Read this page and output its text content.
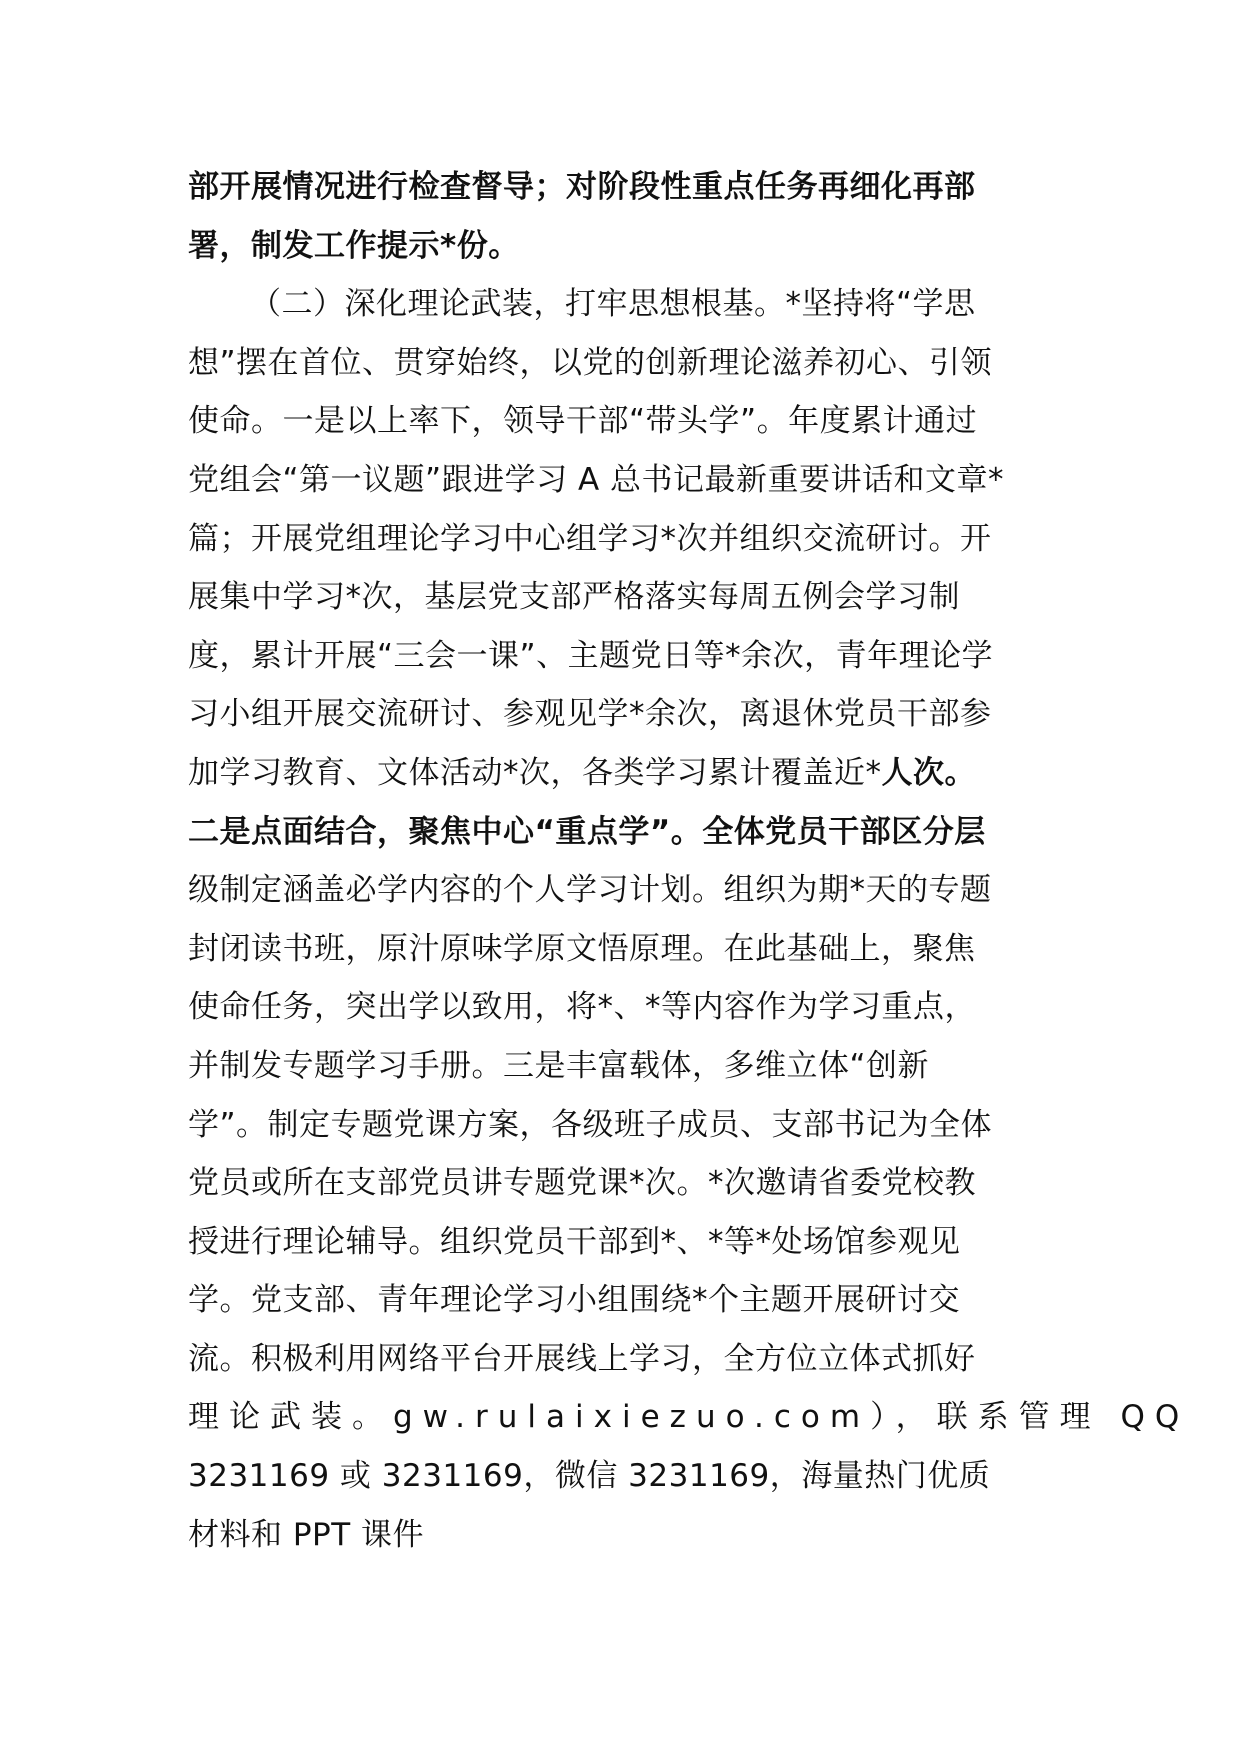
部开展情况进行检查督导；对阶段性重点任务再细化再部
署，制发工作提示*份。
（二）深化理论武装，打牢思想根基。*坚持将“学思
想”摆在首位、贯穿始终，以党的创新理论滋养初心、引领
使命。一是以上率下，领导干部“带头学”。年度累计通过
党组会“第一议题”跟进学习 A 总书记最新重要讲话和文章*
篇；开展党组理论学习中心组学习*次并组织交流研讨。开
展集中学习*次，基层党支部严格落实每周五例会学习制
度，累计开展“三会一课”、主题党日等*余次，青年理论学
习小组开展交流研讨、参观见学*余次，离退休党员干部参
加学习教育、文体活动*次，各类学习累计覆盖近*人次。
二是点面结合，聚焦中心“重点学”。全体党员干部区分层
级制定涵盖必学内容的个人学习计划。组织为期*天的专题
封闭读书班，原汁原味学原文悟原理。在此基础上，聚焦
使命任务，突出学以致用，将*、*等内容作为学习重点，
并制发专题学习手册。三是丰富载体，多维立体“创新
学”。制定专题党课方案，各级班子成员、支部书记为全体
党员或所在支部党员讲专题党课*次。*次邀请省委党校教
授进行理论辅导。组织党员干部到*、*等*处场馆参观见
学。党支部、青年理论学习小组围绕*个主题开展研讨交
流。积极利用网络平台开展线上学习，全方位立体式抓好
理论武装。gw.rulaixiezuo.com），联系管理 QQ
3231169 或 3231169，微信 3231169，海量热门优质
材料和 PPT 课件
